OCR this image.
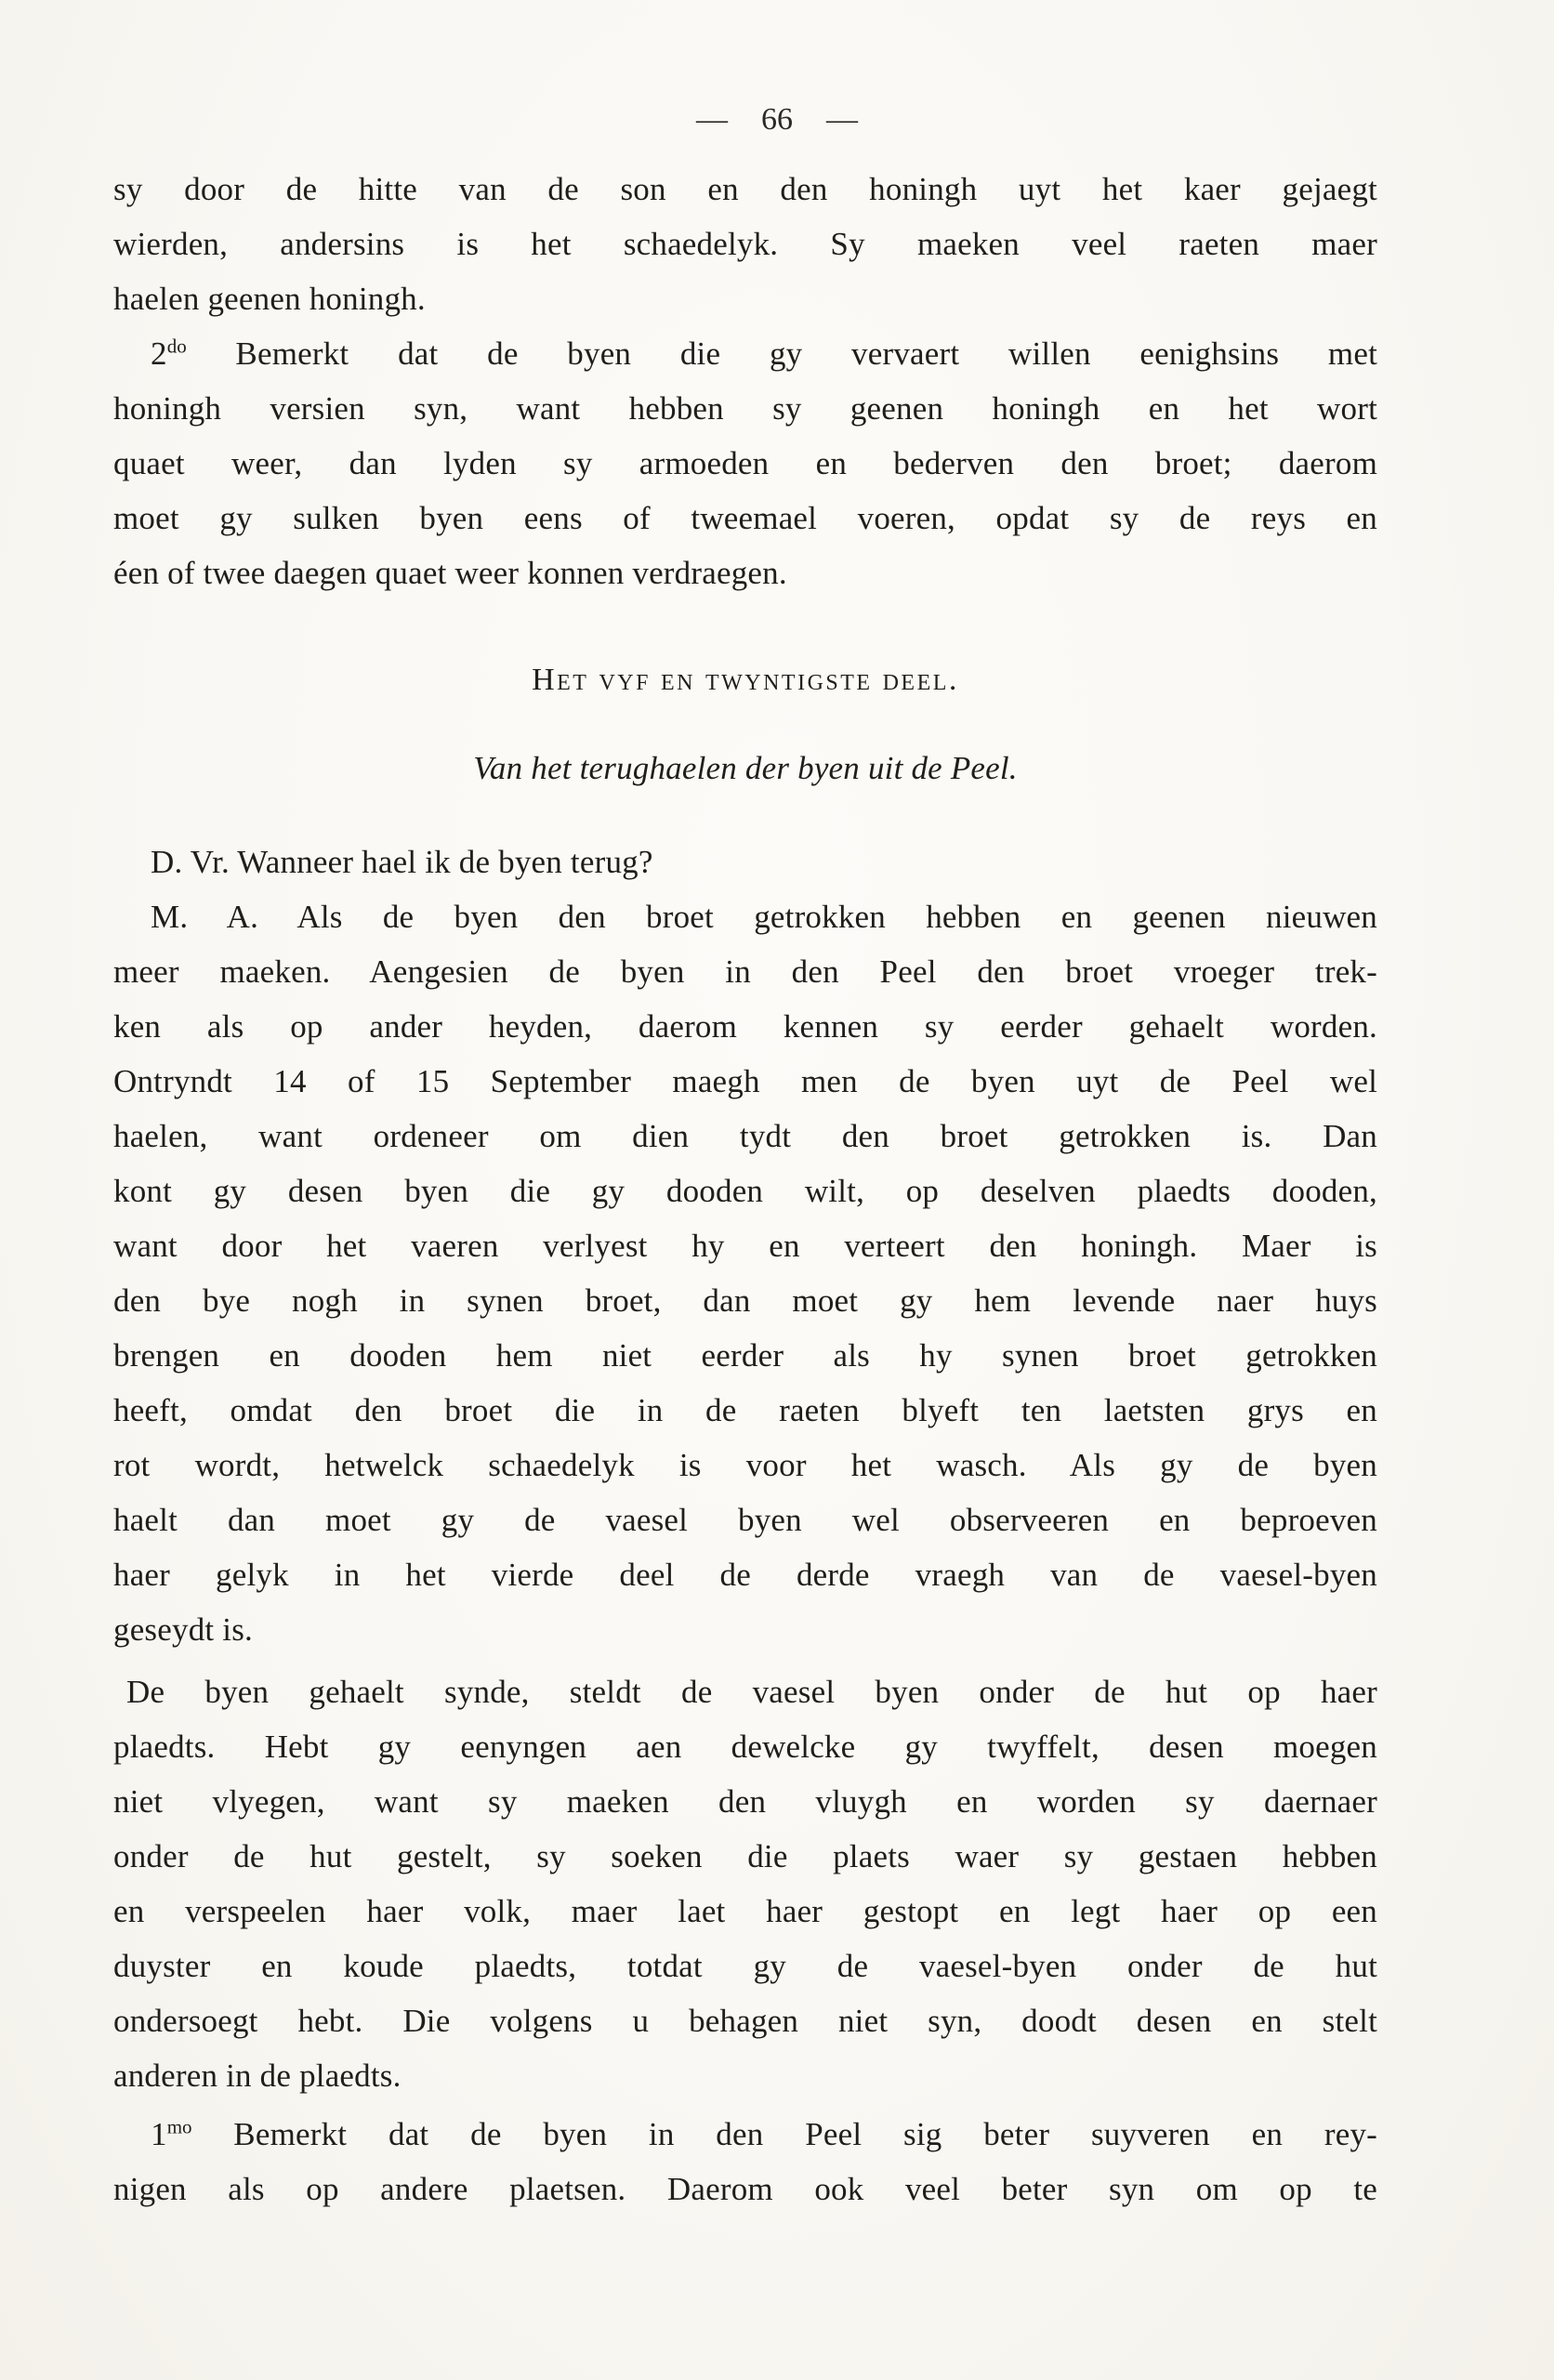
— 66 —
sy door de hitte van de son en den honingh uyt het kaer gejaegt
wierden, andersins is het schaedelyk. Sy maeken veel raeten maer
haelen geenen honingh.
$2^{do}$ Bemerkt dat de byen die gy vervaert willen eenighsins met
honingh versien syn, want hebben sy geenen honingh en het wort
quaet weer, dan lyden sy armoeden en bederven den broet; daerom
moet gy sulken byen eens of tweemael voeren, opdat sy de reys en
éen of twee daegen quaet weer konnen verdraegen.
Het vyf en twyntigste deel.
Van het terughaelen der byen uit de Peel.
D. Vr. Wanneer hael ik de byen terug?
M. A. Als de byen den broet getrokken hebben en geenen nieuwen
meer maeken. Aengesien de byen in den Peel den broet vroeger trek-
ken als op ander heyden, daerom kennen sy eerder gehaelt worden.
Ontryndt 14 of 15 September maegh men de byen uyt de Peel wel
haelen, want ordeneer om dien tydt den broet getrokken is. Dan
kont gy desen byen die gy dooden wilt, op deselven plaedts dooden,
want door het vaeren verlyest hy en verteert den honingh. Maer is
den bye nogh in synen broet, dan moet gy hem levende naer huys
brengen en dooden hem niet eerder als hy synen broet getrokken
heeft, omdat den broet die in de raeten blyeft ten laetsten grys en
rot wordt, hetwelck schaedelyk is voor het wasch. Als gy de byen
haelt dan moet gy de vaesel byen wel observeeren en beproeven
haer gelyk in het vierde deel de derde vraegh van de vaesel-byen
geseydt is.
De byen gehaelt synde, steldt de vaesel byen onder de hut op haer
plaedts. Hebt gy eenyngen aen dewelcke gy twyffelt, desen moegen
niet vlyegen, want sy maeken den vluygh en worden sy daernaer
onder de hut gestelt, sy soeken die plaets waer sy gestaen hebben
en verspeelen haer volk, maer laet haer gestopt en legt haer op een
duyster en koude plaedts, totdat gy de vaesel-byen onder de hut
ondersoegt hebt. Die volgens u behagen niet syn, doodt desen en stelt
anderen in de plaedts.
$1^{mo}$ Bemerkt dat de byen in den Peel sig beter suyveren en rey-
nigen als op andere plaetsen. Daerom ook veel beter syn om op te
